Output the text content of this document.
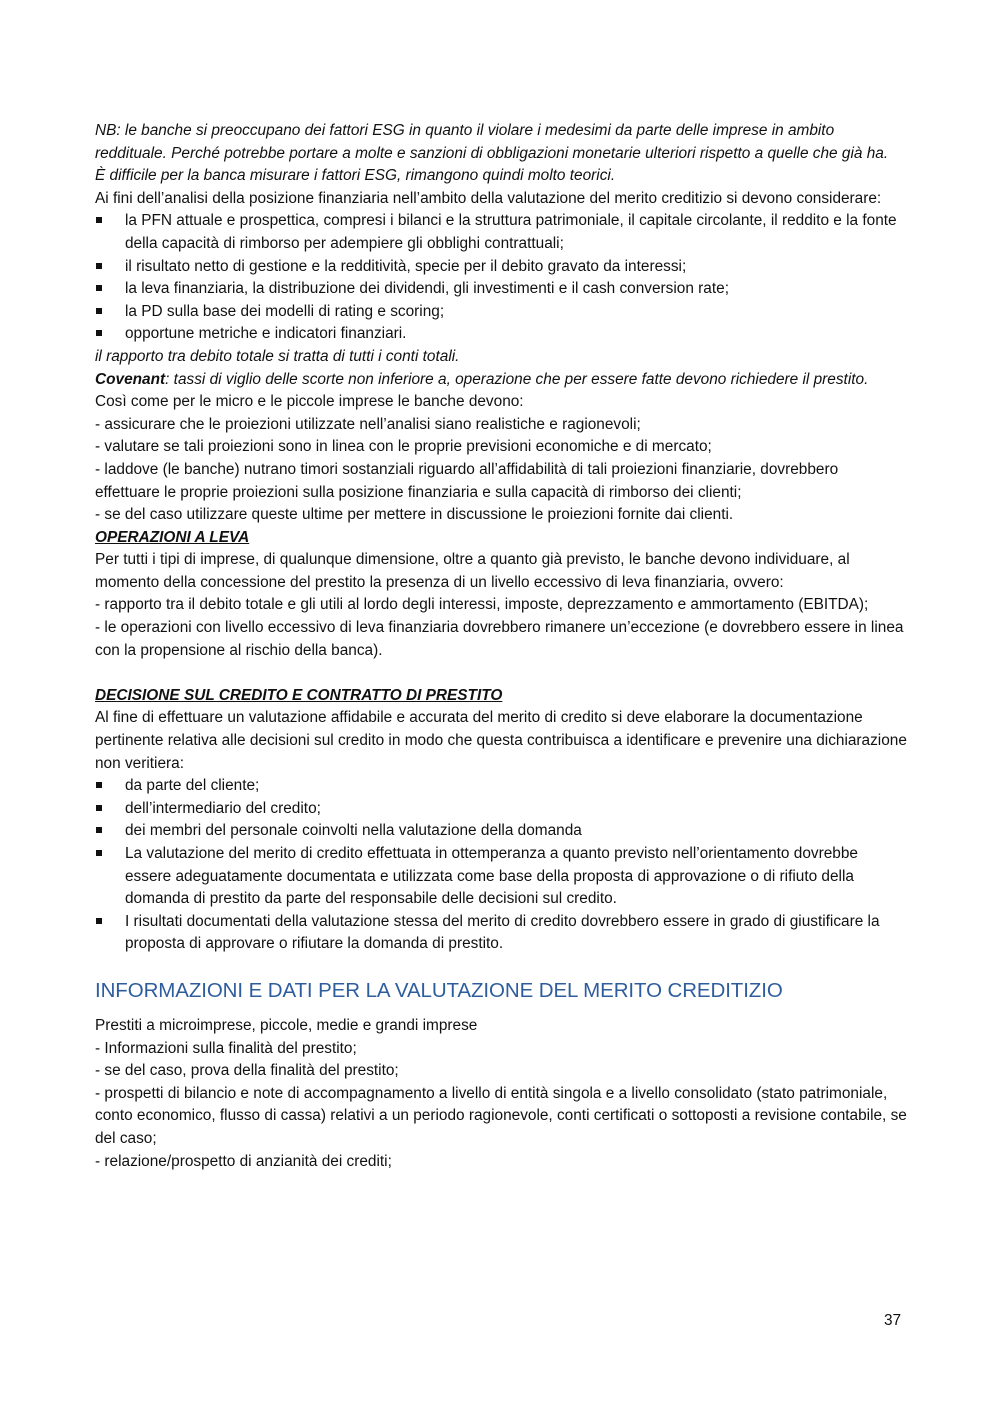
NB: le banche si preoccupano dei fattori ESG in quanto il violare i medesimi da parte delle imprese in ambito reddituale. Perché potrebbe portare a molte e sanzioni di obbligazioni monetarie ulteriori rispetto a quelle che già ha.

È difficile per la banca misurare i fattori ESG, rimangono quindi molto teorici.

Ai fini dell’analisi della posizione finanziaria nell’ambito della valutazione del merito creditizio si devono considerare:

la PFN attuale e prospettica, compresi i bilanci e la struttura patrimoniale, il capitale circolante, il reddito e la fonte della capacità di rimborso per adempiere gli obblighi contrattuali;
il risultato netto di gestione e la redditività, specie per il debito gravato da interessi;
la leva finanziaria, la distribuzione dei dividendi, gli investimenti e il cash conversion rate;
la PD sulla base dei modelli di rating e scoring;
opportune metriche e indicatori finanziari.

il rapporto tra debito totale si tratta di tutti i conti totali.

Covenant: tassi di viglio delle scorte non inferiore a, operazione che per essere fatte devono richiedere il prestito.

Così come per le micro e le piccole imprese le banche devono:

- assicurare che le proiezioni utilizzate nell’analisi siano realistiche e ragionevoli;

- valutare se tali proiezioni sono in linea con le proprie previsioni economiche e di mercato;

- laddove (le banche) nutrano timori sostanziali riguardo all’affidabilità di tali proiezioni finanziarie, dovrebbero effettuare le proprie proiezioni sulla posizione finanziaria e sulla capacità di rimborso dei clienti;

- se del caso utilizzare queste ultime per mettere in discussione le proiezioni fornite dai clienti.

OPERAZIONI A LEVA

Per tutti i tipi di imprese, di qualunque dimensione, oltre a quanto già previsto, le banche devono individuare, al momento della concessione del prestito la presenza di un livello eccessivo di leva finanziaria, ovvero:

- rapporto tra il debito totale e gli utili al lordo degli interessi, imposte, deprezzamento e ammortamento (EBITDA);

- le operazioni con livello eccessivo di leva finanziaria dovrebbero rimanere un’eccezione (e dovrebbero essere in linea con la propensione al rischio della banca).

DECISIONE SUL CREDITO E CONTRATTO DI PRESTITO

Al fine di effettuare un valutazione affidabile e accurata del merito di credito si deve elaborare la documentazione pertinente relativa alle decisioni sul credito in modo che questa contribuisca a identificare e prevenire una dichiarazione non veritiera:

da parte del cliente;
dell’intermediario del credito;
dei membri del personale coinvolti nella valutazione della domanda
La valutazione del merito di credito effettuata in ottemperanza a quanto previsto nell’orientamento dovrebbe essere adeguatamente documentata e utilizzata come base della proposta di approvazione o di rifiuto della domanda di prestito da parte del responsabile delle decisioni sul credito.
I risultati documentati della valutazione stessa del merito di credito dovrebbero essere in grado di giustificare la proposta di approvare o rifiutare la domanda di prestito.
INFORMAZIONI E DATI PER LA VALUTAZIONE DEL MERITO CREDITIZIO

Prestiti a microimprese, piccole, medie e grandi imprese

- Informazioni sulla finalità del prestito;

- se del caso, prova della finalità del prestito;

- prospetti di bilancio e note di accompagnamento a livello di entità singola e a livello consolidato (stato patrimoniale, conto economico, flusso di cassa) relativi a un periodo ragionevole, conti certificati o sottoposti a revisione contabile, se del caso;

- relazione/prospetto di anzianità dei crediti;

37
